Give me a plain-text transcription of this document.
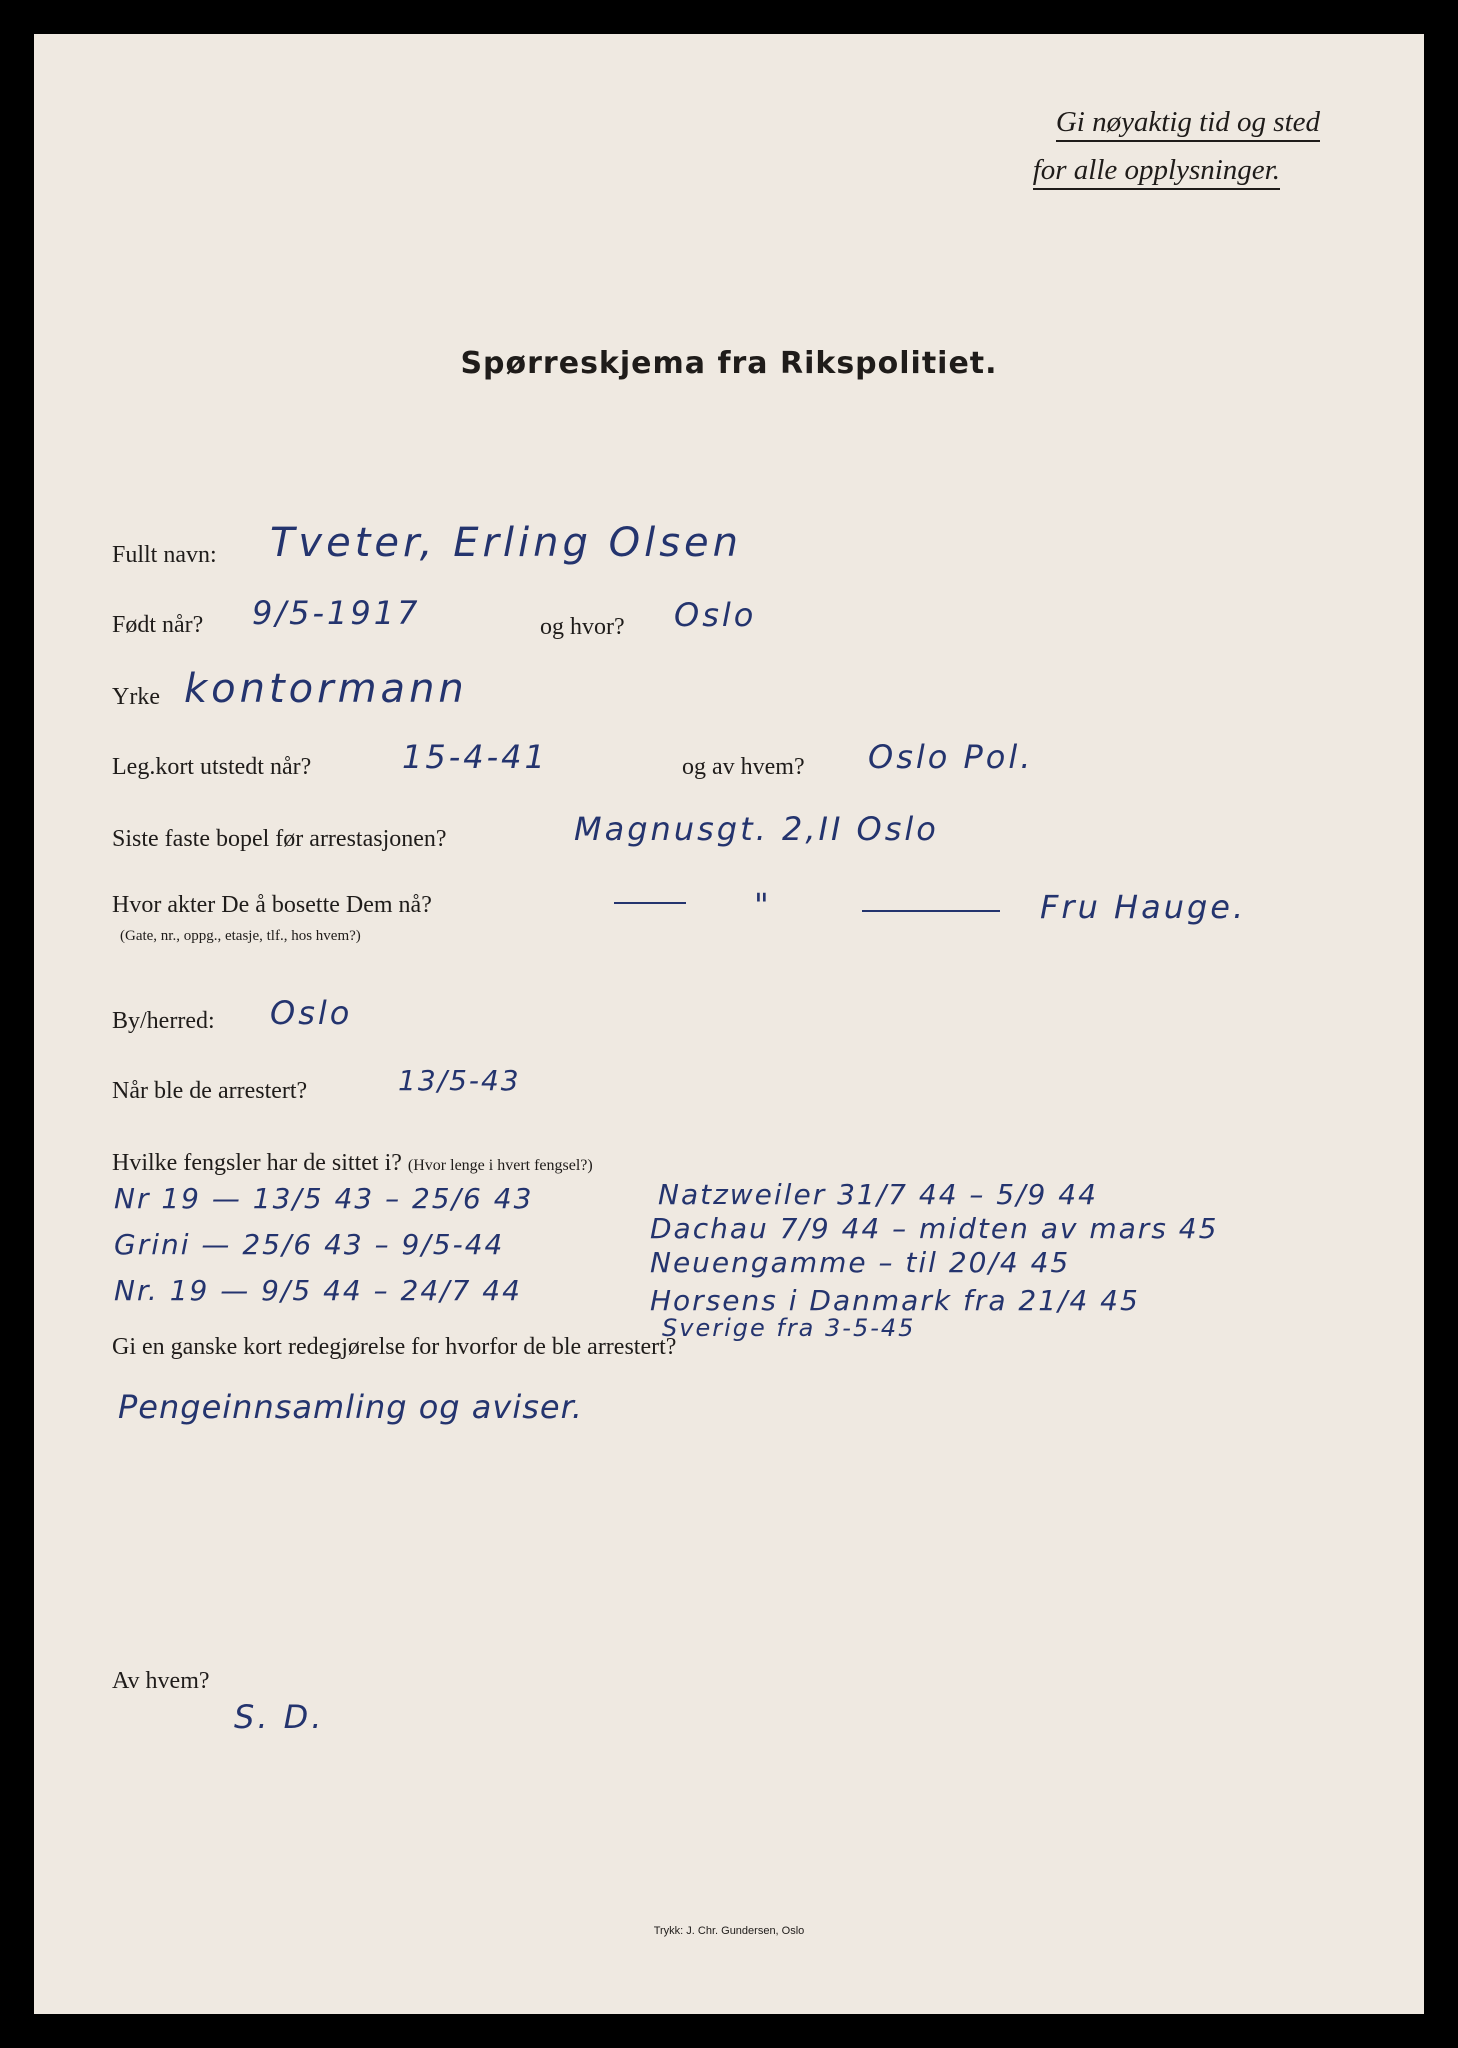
Gi nøyaktig tid og sted
for alle opplysninger.
Spørreskjema fra Rikspolitiet.
Fullt navn: Tveter, Erling Olsen
Født når? 9/5-1917	og hvor? Oslo
Yrke kontormann
Leg.kort utstedt når?	15-4-41	og av hvem? Oslo Pol.
Siste faste bopel før arrestasjonen?	Magnusgt. 2,II Oslo
Hvor akter De å bosette Dem nå?
(Gate, nr., oppg., etasje, tlf., hos hvem?)
"	Fru Hauge.
By/herred: Oslo
Når ble de arrestert?	13/5-43
Hvilke fengsler har de sittet i? (Hvor lenge i hvert fengsel?)
Nr 19 — 13/5 43 – 25/6 43
Grini — 25/6 43 – 9/5-44
Nr. 19 — 9/5 44 – 24/7 44
Natzweiler 31/7 44 – 5/9 44
Dachau 7/9 44 – midten av mars 45
Neuengamme – til 20/4 45
Horsens i Danmark fra 21/4 45
Sverige fra 3-5-45
Gi en ganske kort redegjørelse for hvorfor de ble arrestert?
Pengeinnsamling og aviser.
Av hvem?
S. D.
Trykk: J. Chr. Gundersen, Oslo
